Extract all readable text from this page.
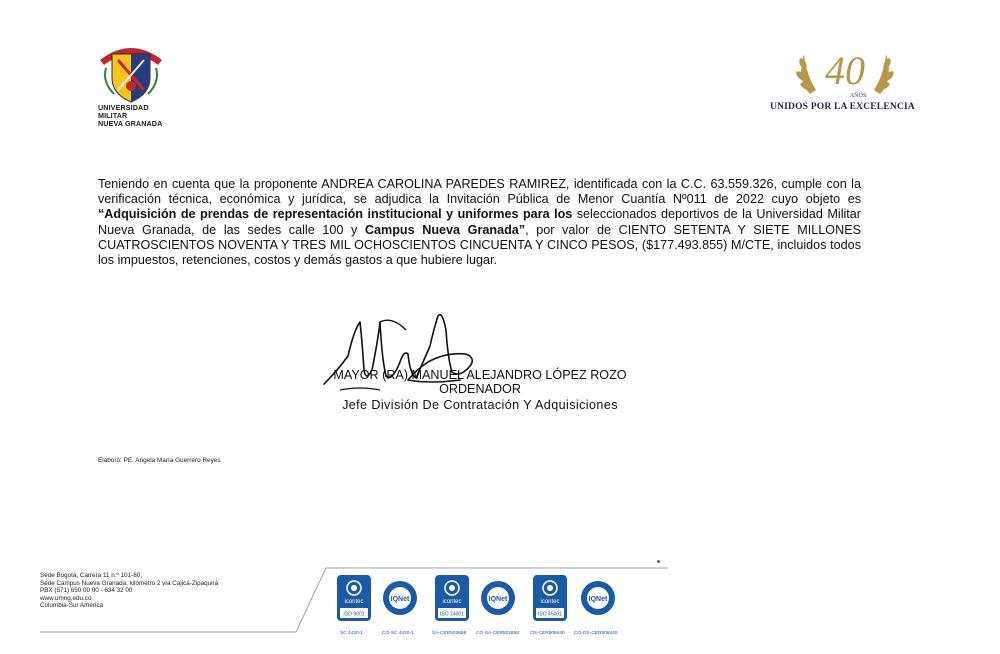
UNIVERSIDAD MILITAR
NUEVA GRANADA
40
AÑOS
UNIDOS POR LA EXCELENCIA
Teniendo en cuenta que la proponente ANDREA CAROLINA PAREDES RAMIREZ, identificada con la C.C. 63.559.326, cumple con la verificación técnica, económica y jurídica, se adjudica la Invitación Pública de Menor Cuantía Nº011 de 2022 cuyo objeto es “Adquisición de prendas de representación institucional y uniformes para los seleccionados deportivos de la Universidad Militar Nueva Granada, de las sedes calle 100 y Campus Nueva Granada”, por valor de CIENTO SETENTA Y SIETE MILLONES CUATROSCIENTOS NOVENTA Y TRES MIL OCHOSCIENTOS CINCUENTA Y CINCO PESOS, ($177.493.855) M/CTE, incluidos todos los impuestos, retenciones, costos y demás gastos a que hubiere lugar.
MAYOR (RA) MANUEL ALEJANDRO LÓPEZ ROZO
ORDENADOR
Jefe División De Contratación Y Adquisiciones
Elaboró: PE. Angela María Guerrero Reyes
Sede Bogotá, Carrera 11 n.º 101-80,
Sede Campus Nueva Granada, kilómetro 2 vía Cajicá-Zipaquirá
PBX (571) 650 00 00 - 634 32 00
www.umng.edu.co
Colombia-Sur América
icontec
ISO 9001
SC 4420-1
IQNet
CO-SC 4420-1
icontec
ISO 14001
SA-CER502658
IQNet
CO-SA-CER502658
icontec
ISO 45001
OS-CER508440
IQNet
CO-OS-CER508440
